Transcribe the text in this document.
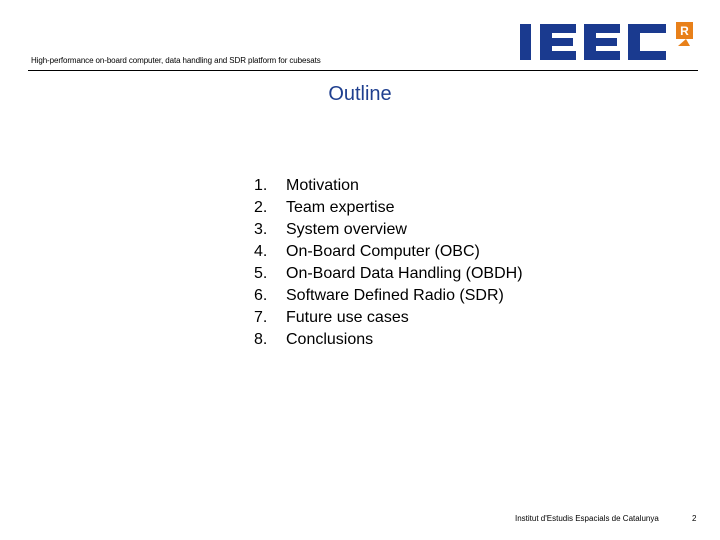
High-performance on-board computer, data handling and SDR platform for cubesats
R
Outline
1.	Motivation
2.	Team expertise
3.	System overview
4.	On-Board Computer (OBC)
5.	On-Board Data Handling (OBDH)
6.	Software Defined Radio (SDR)
7.	Future use cases
8.	Conclusions
Institut d'Estudis Espacials de Catalunya	2
